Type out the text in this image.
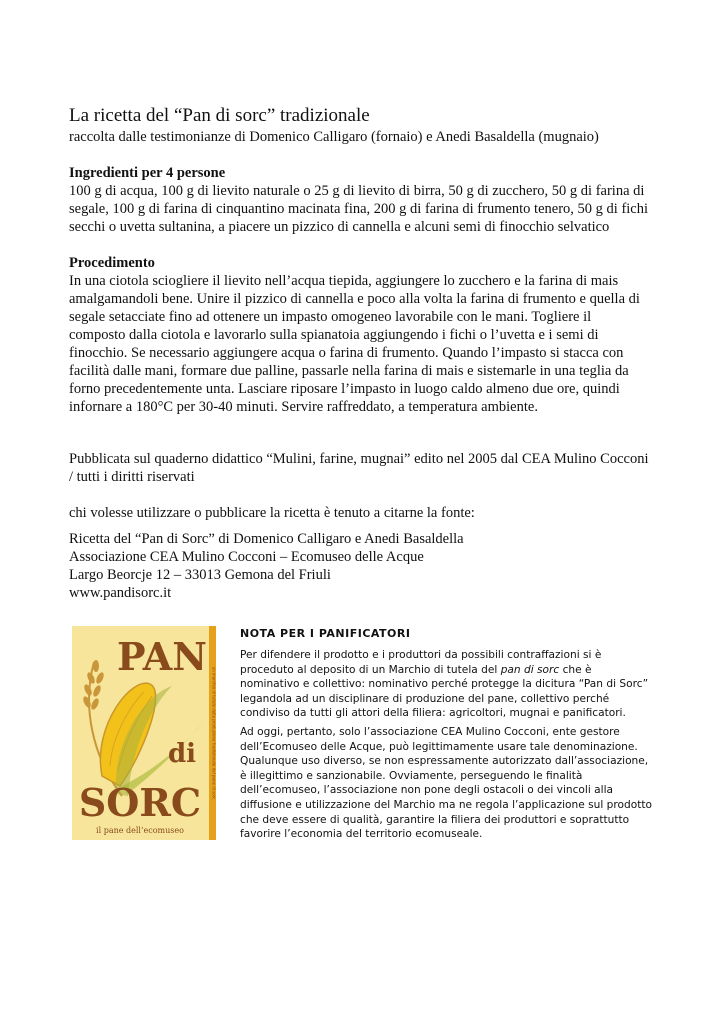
La ricetta del “Pan di sorc” tradizionale

raccolta dalle testimonianze di Domenico Calligaro (fornaio) e Anedi Basaldella (mugnaio)

Ingredienti per 4 persone
100 g di acqua, 100 g di lievito naturale o 25 g di lievito di birra, 50 g di zucchero, 50 g di farina di
segale, 100 g di farina di cinquantino macinata fina, 200 g di farina di frumento tenero, 50 g di fichi
secchi o uvetta sultanina, a piacere un pizzico di cannella e alcuni semi di finocchio selvatico
Procedimento
In una ciotola sciogliere il lievito nell’acqua tiepida, aggiungere lo zucchero e la farina di mais
amalgamandoli bene. Unire il pizzico di cannella e poco alla volta la farina di frumento e quella di
segale setacciate fino ad ottenere un impasto omogeneo lavorabile con le mani. Togliere il
composto dalla ciotola e lavorarlo sulla spianatoia aggiungendo i fichi o l’uvetta e i semi di
finocchio. Se necessario aggiungere acqua o farina di frumento. Quando l’impasto si stacca con
facilità dalle mani, formare due palline, passarle nella farina di mais e sistemarle in una teglia da
forno precedentemente unta. Lasciare riposare l’impasto in luogo caldo almeno due ore, quindi
infornare a 180°C per 30-40 minuti. Servire raffreddato, a temperatura ambiente.
Pubblicata sul quaderno didattico “Mulini, farine, mugnai” edito nel 2005 dal CEA Mulino Cocconi
/ tutti i diritti riservati

chi volesse utilizzare o pubblicare la ricetta è tenuto a citarne la fonte:

Ricetta del “Pan di Sorc” di Domenico Calligaro e Anedi Basaldella
Associazione CEA Mulino Cocconi – Ecomuseo delle Acque
Largo Beorcje 12 – 33013 Gemona del Friuli
www.pandisorc.it
un marchio di tutela della produzione tradizionale del pane di sorc
PAN
di
SORC
il pane dell’ecomuseo
NOTA PER I PANIFICATORI

Per difendere il prodotto e i produttori da possibili contraffazioni si è
proceduto al deposito di un Marchio di tutela del pan di sorc che è
nominativo e collettivo: nominativo perché protegge la dicitura “Pan di Sorc”
legandola ad un disciplinare di produzione del pane, collettivo perché
condiviso da tutti gli attori della filiera: agricoltori, mugnai e panificatori.

Ad oggi, pertanto, solo l’associazione CEA Mulino Cocconi, ente gestore
dell’Ecomuseo delle Acque, può legittimamente usare tale denominazione.
Qualunque uso diverso, se non espressamente autorizzato dall’associazione,
è illegittimo e sanzionabile. Ovviamente, perseguendo le finalità
dell’ecomuseo, l’associazione non pone degli ostacoli o dei vincoli alla
diffusione e utilizzazione del Marchio ma ne regola l’applicazione sul prodotto
che deve essere di qualità, garantire la filiera dei produttori e soprattutto
favorire l’economia del territorio ecomuseale.
